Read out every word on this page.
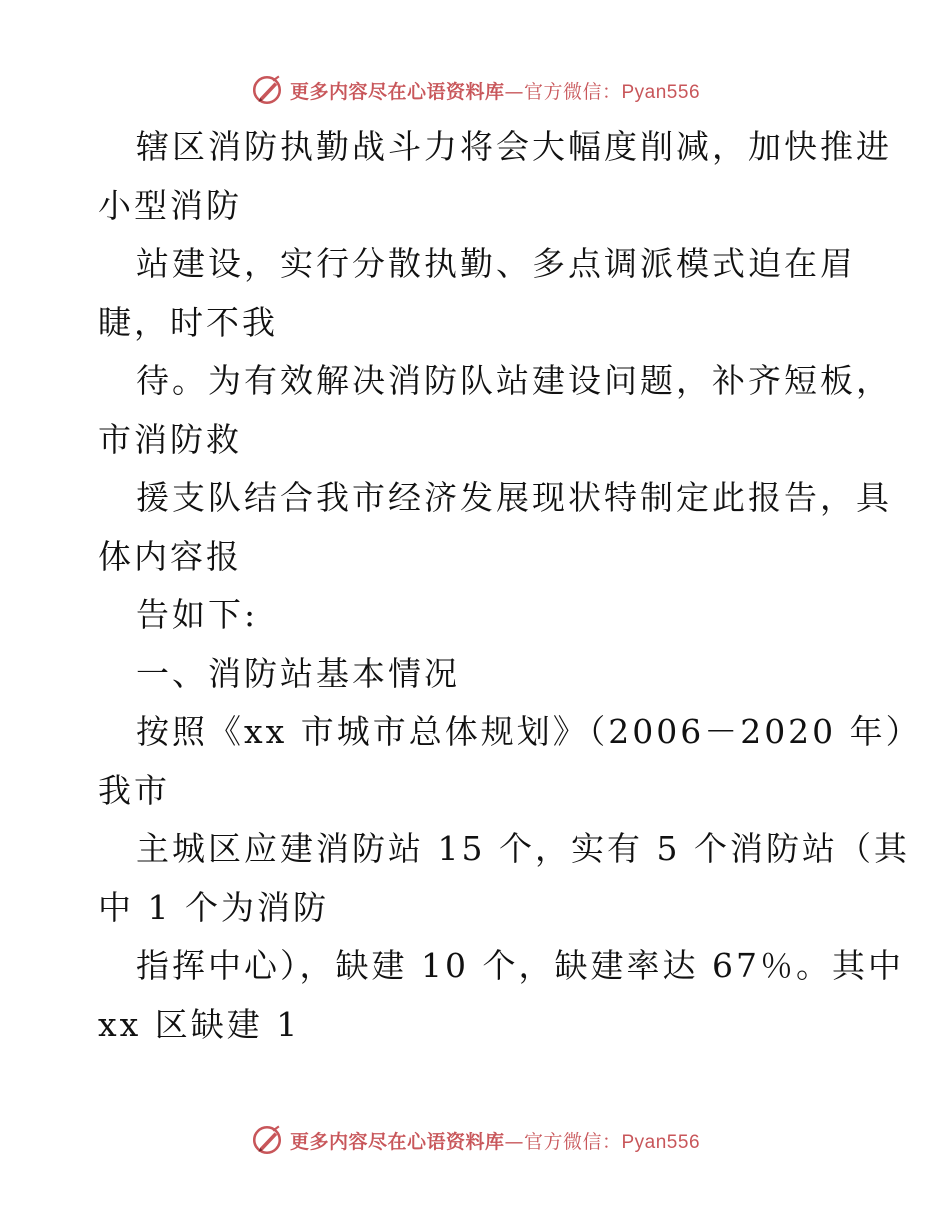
更多内容尽在心语资料库—官方微信：Pyan556
辖区消防执勤战斗力将会大幅度削减，加快推进
小型消防
站建设，实行分散执勤、多点调派模式迫在眉
睫，时不我
待。为有效解决消防队站建设问题，补齐短板，
市消防救
援支队结合我市经济发展现状特制定此报告，具
体内容报
告如下:
一、消防站基本情况
按照《xx 市城市总体规划》（2006－2020 年）
我市
主城区应建消防站 15 个，实有 5 个消防站（其
中 1 个为消防
指挥中心），缺建 10 个，缺建率达 67％。其中
xx 区缺建 1
更多内容尽在心语资料库—官方微信：Pyan556
